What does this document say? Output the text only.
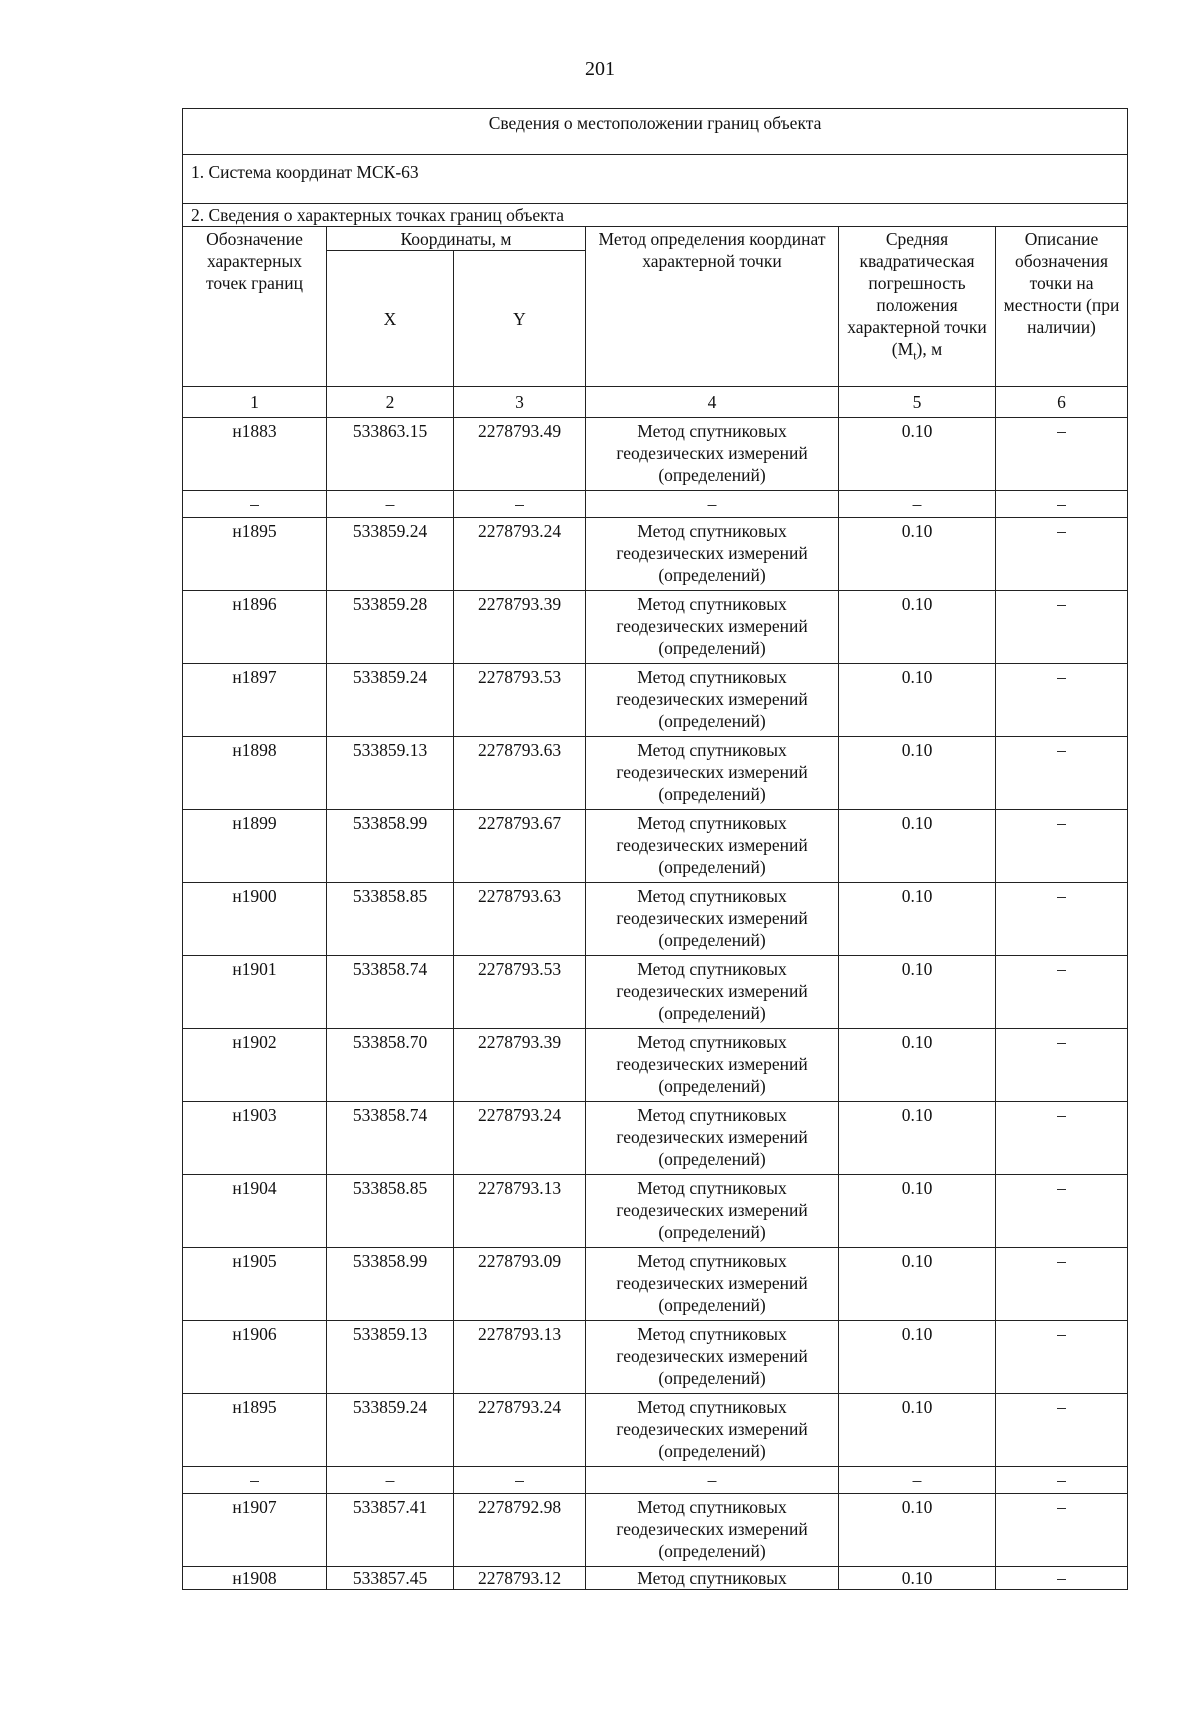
201
Сведения о местоположении границ объекта					
1. Система координат МСК-63					
2. Сведения о характерных точках границ объекта					
Обозначение характерных точек границ	Координаты, м		Метод определения координат характерной точки	Средняя квадратическая погрешность положения характерной точки $(M_t)$, м	Описание обозначения точки на местности (при наличии)
	X	Y			
1	2	3	4	5	6
н1883	533863.15	2278793.49	Метод спутниковых геодезических измерений (определений)	0.10	–
–	–	–	–	–	–
н1895	533859.24	2278793.24	Метод спутниковых геодезических измерений (определений)	0.10	–
н1896	533859.28	2278793.39	Метод спутниковых геодезических измерений (определений)	0.10	–
н1897	533859.24	2278793.53	Метод спутниковых геодезических измерений (определений)	0.10	–
н1898	533859.13	2278793.63	Метод спутниковых геодезических измерений (определений)	0.10	–
н1899	533858.99	2278793.67	Метод спутниковых геодезических измерений (определений)	0.10	–
н1900	533858.85	2278793.63	Метод спутниковых геодезических измерений (определений)	0.10	–
н1901	533858.74	2278793.53	Метод спутниковых геодезических измерений (определений)	0.10	–
н1902	533858.70	2278793.39	Метод спутниковых геодезических измерений (определений)	0.10	–
н1903	533858.74	2278793.24	Метод спутниковых геодезических измерений (определений)	0.10	–
н1904	533858.85	2278793.13	Метод спутниковых геодезических измерений (определений)	0.10	–
н1905	533858.99	2278793.09	Метод спутниковых геодезических измерений (определений)	0.10	–
н1906	533859.13	2278793.13	Метод спутниковых геодезических измерений (определений)	0.10	–
н1895	533859.24	2278793.24	Метод спутниковых геодезических измерений (определений)	0.10	–
–	–	–	–	–	–
н1907	533857.41	2278792.98	Метод спутниковых геодезических измерений (определений)	0.10	–
н1908	533857.45	2278793.12	Метод спутниковых	0.10	–
